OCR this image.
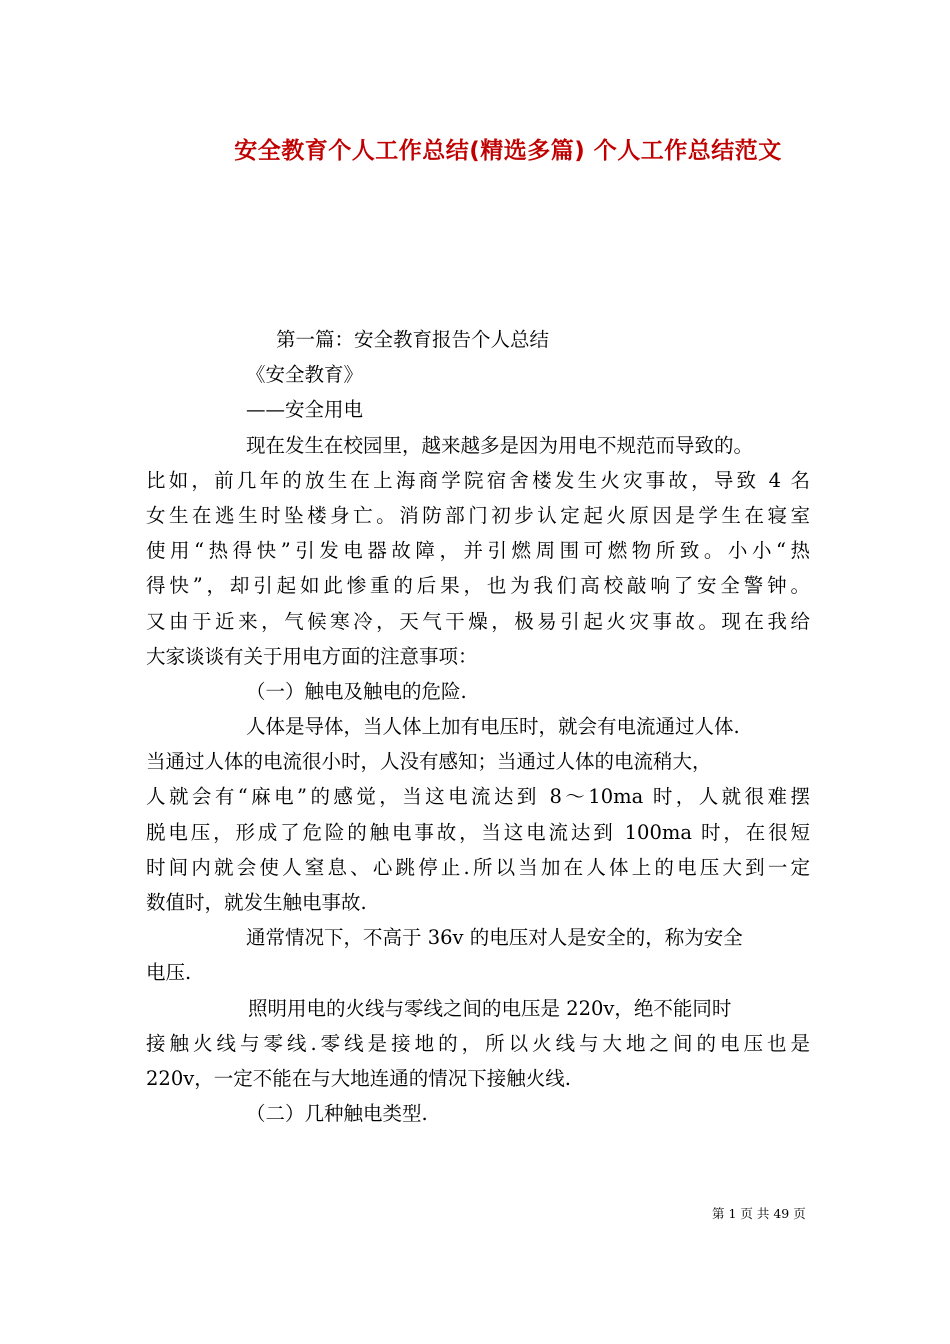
安全教育个人工作总结(精选多篇) 个人工作总结范文
第一篇：安全教育报告个人总结
《安全教育》
——安全用电
现在发生在校园里，越来越多是因为用电不规范而导致的。
比如，前几年的放生在上海商学院宿舍楼发生火灾事故，导致 4 名
女生在逃生时坠楼身亡。消防部门初步认定起火原因是学生在寝室
使用“热得快”引发电器故障，并引燃周围可燃物所致。小小“热
得快”，却引起如此惨重的后果，也为我们高校敲响了安全警钟。
又由于近来，气候寒冷，天气干燥，极易引起火灾事故。现在我给
大家谈谈有关于用电方面的注意事项：
（一）触电及触电的危险.
人体是导体，当人体上加有电压时，就会有电流通过人体.
当通过人体的电流很小时，人没有感知；当通过人体的电流稍大，
人就会有“麻电”的感觉，当这电流达到 8～10ma 时，人就很难摆
脱电压，形成了危险的触电事故，当这电流达到 100ma 时，在很短
时间内就会使人窒息、心跳停止.所以当加在人体上的电压大到一定
数值时，就发生触电事故.
通常情况下，不高于 36v 的电压对人是安全的，称为安全
电压.
照明用电的火线与零线之间的电压是 220v，绝不能同时
接触火线与零线.零线是接地的，所以火线与大地之间的电压也是
220v，一定不能在与大地连通的情况下接触火线.
（二）几种触电类型.
第 1 页 共 49 页
